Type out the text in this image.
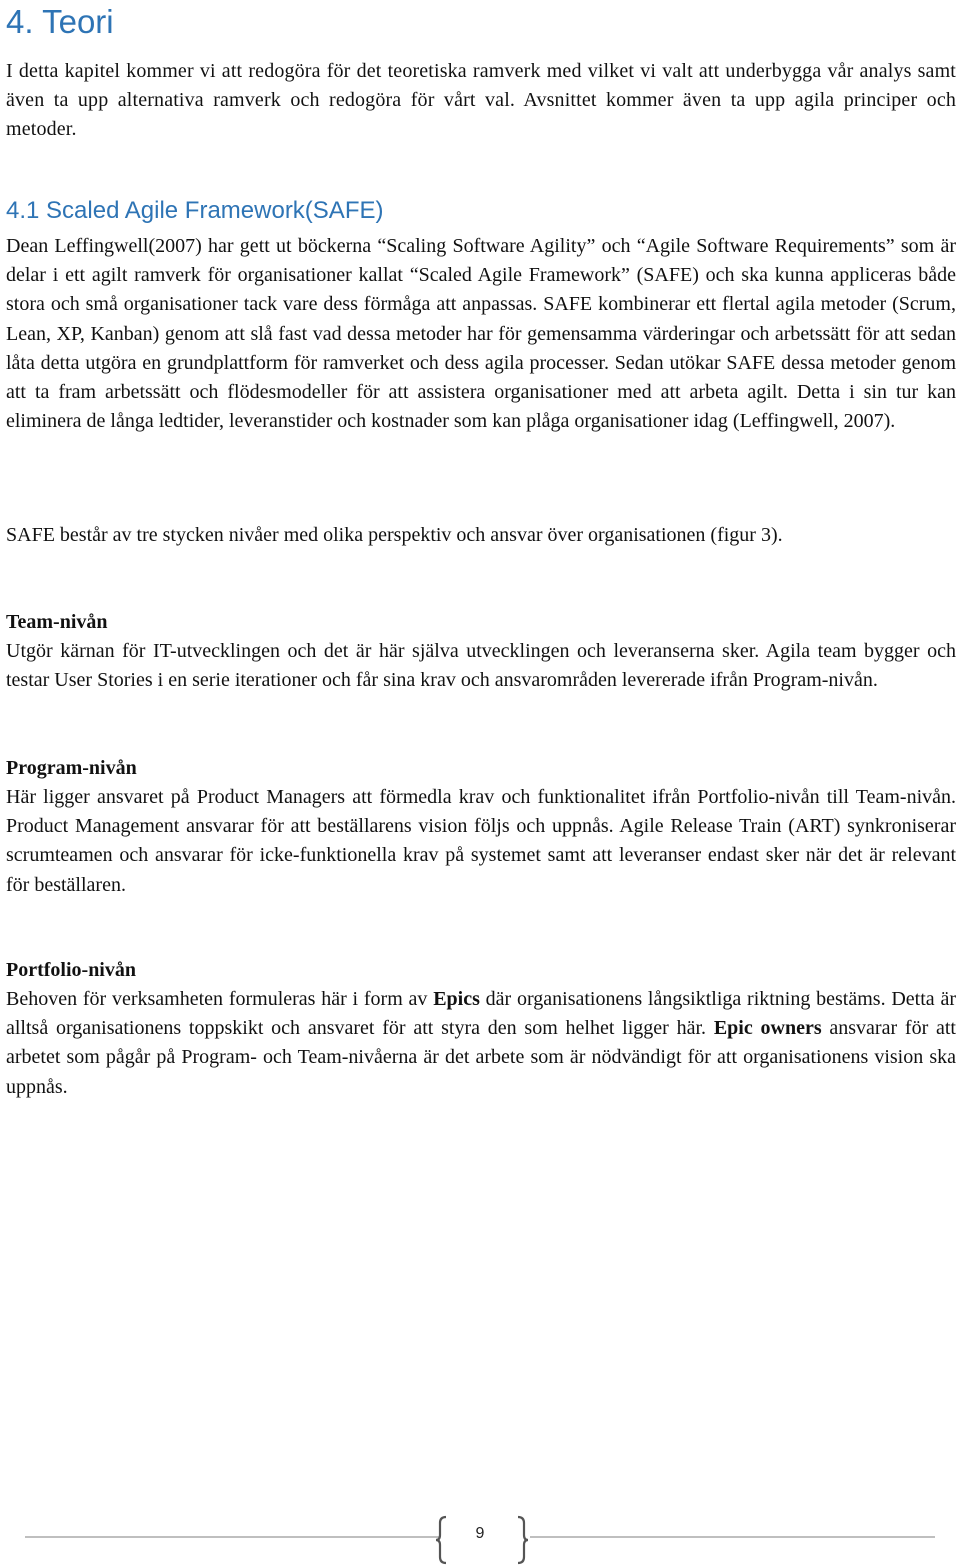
4. Teori

I detta kapitel kommer vi att redogöra för det teoretiska ramverk med vilket vi valt att underbygga vår analys samt även ta upp alternativa ramverk och redogöra för vårt val. Avsnittet kommer även ta upp agila principer och metoder.

4.1 Scaled Agile Framework(SAFE)

Dean Leffingwell(2007) har gett ut böckerna “Scaling Software Agility” och “Agile Software Requirements” som är delar i ett agilt ramverk för organisationer kallat “Scaled Agile Framework” (SAFE) och ska kunna appliceras både stora och små organisationer tack vare dess förmåga att anpassas. SAFE kombinerar ett flertal agila metoder (Scrum, Lean, XP, Kanban) genom att slå fast vad dessa metoder har för gemensamma värderingar och arbetssätt för att sedan låta detta utgöra en grundplattform för ramverket och dess agila processer. Sedan utökar SAFE dessa metoder genom att ta fram arbetssätt och flödesmodeller för att assistera organisationer med att arbeta agilt. Detta i sin tur kan eliminera de långa ledtider, leveranstider och kostnader som kan plåga organisationer idag (Leffingwell, 2007).

SAFE består av tre stycken nivåer med olika perspektiv och ansvar över organisationen (figur 3).

Team-nivån

Utgör kärnan för IT-utvecklingen och det är här själva utvecklingen och leveranserna sker. Agila team bygger och testar User Stories i en serie iterationer och får sina krav och ansvarområden levererade ifrån Program-nivån.

Program-nivån

Här ligger ansvaret på Product Managers att förmedla krav och funktionalitet ifrån Portfolio-nivån till Team-nivån. Product Management ansvarar för att beställarens vision följs och uppnås. Agile Release Train (ART) synkroniserar scrumteamen och ansvarar för icke-funktionella krav på systemet samt att leveranser endast sker när det är relevant för beställaren.

Portfolio-nivån

Behoven för verksamheten formuleras här i form av Epics där organisationens långsiktliga riktning bestäms. Detta är alltså organisationens toppskikt och ansvaret för att styra den som helhet ligger här. Epic owners ansvarar för att arbetet som pågår på Program- och Team-nivåerna är det arbete som är nödvändigt för att organisationens vision ska uppnås.

9
